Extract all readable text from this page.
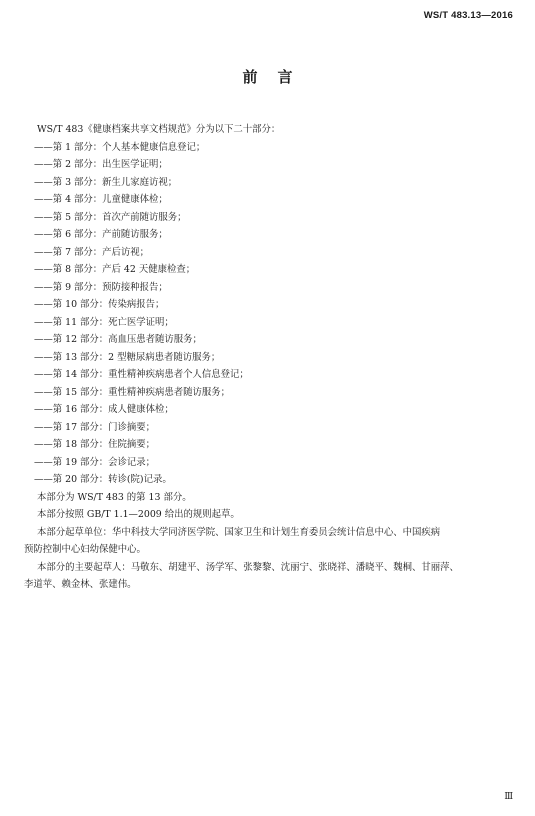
WS/T 483.13—2016
前 言
WS/T 483《健康档案共享文档规范》分为以下二十部分：
——第 1 部分：个人基本健康信息登记；
——第 2 部分：出生医学证明；
——第 3 部分：新生儿家庭访视；
——第 4 部分：儿童健康体检；
——第 5 部分：首次产前随访服务；
——第 6 部分：产前随访服务；
——第 7 部分：产后访视；
——第 8 部分：产后 42 天健康检查；
——第 9 部分：预防接种报告；
——第 10 部分：传染病报告；
——第 11 部分：死亡医学证明；
——第 12 部分：高血压患者随访服务；
——第 13 部分：2 型糖尿病患者随访服务；
——第 14 部分：重性精神疾病患者个人信息登记；
——第 15 部分：重性精神疾病患者随访服务；
——第 16 部分：成人健康体检；
——第 17 部分：门诊摘要；
——第 18 部分：住院摘要；
——第 19 部分：会诊记录；
——第 20 部分：转诊(院)记录。
本部分为 WS/T 483 的第 13 部分。
本部分按照 GB/T 1.1—2009 给出的规则起草。
本部分起草单位：华中科技大学同济医学院、国家卫生和计划生育委员会统计信息中心、中国疾病
预防控制中心妇幼保健中心。
本部分的主要起草人：马敬东、胡建平、汤学军、张黎黎、沈丽宁、张晓祥、潘晓平、魏桐、甘丽萍、
李道苹、赖金林、张建伟。
Ⅲ
